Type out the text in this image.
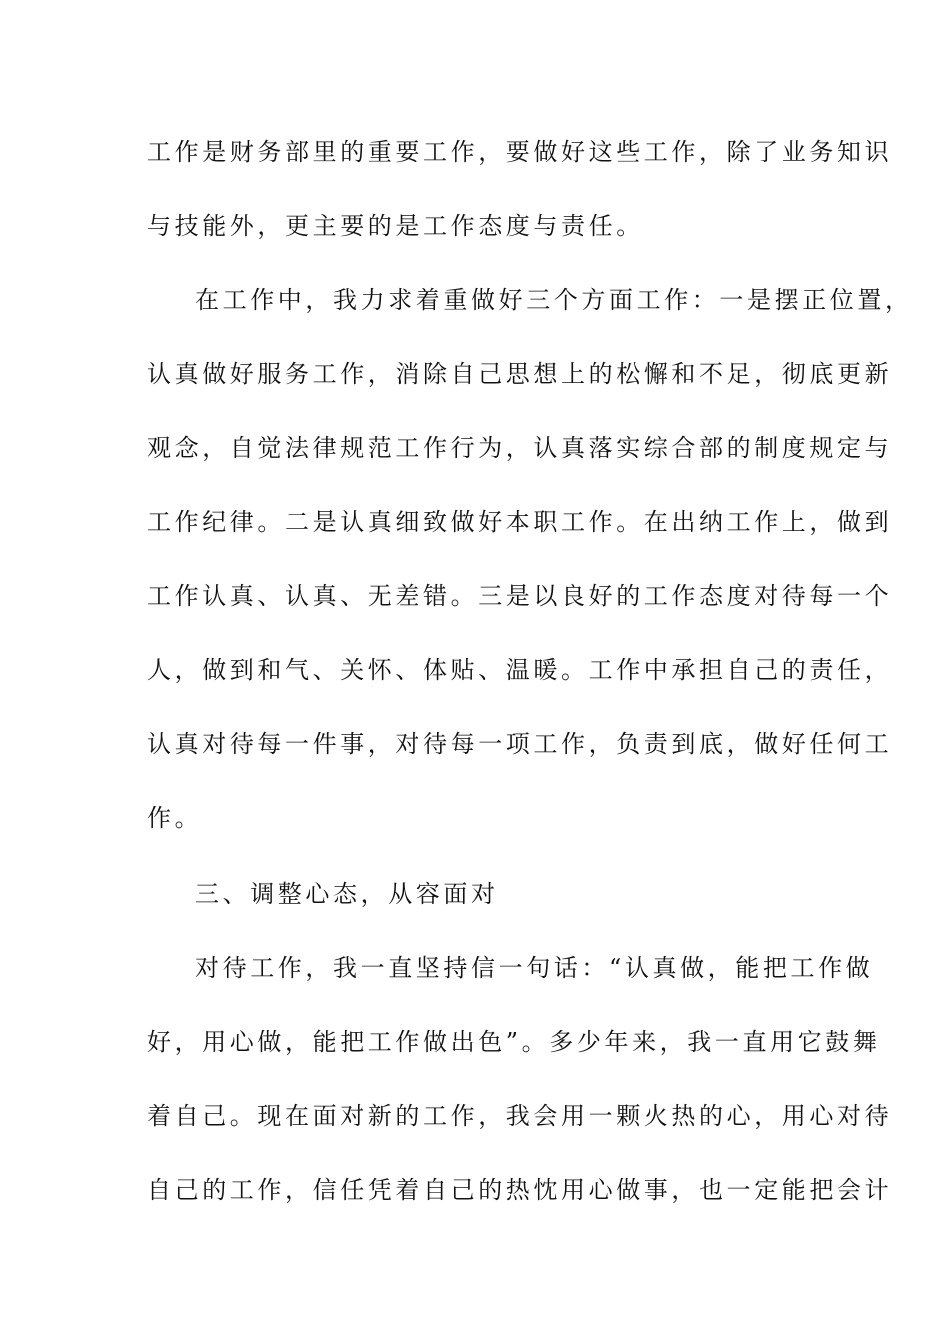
工作是财务部里的重要工作，要做好这些工作，除了业务知识
与技能外，更主要的是工作态度与责任。
在工作中，我力求着重做好三个方面工作：一是摆正位置，
认真做好服务工作，消除自己思想上的松懈和不足，彻底更新
观念，自觉法律规范工作行为，认真落实综合部的制度规定与
工作纪律。二是认真细致做好本职工作。在出纳工作上，做到
工作认真、认真、无差错。三是以良好的工作态度对待每一个
人，做到和气、关怀、体贴、温暖。工作中承担自己的责任，
认真对待每一件事，对待每一项工作，负责到底，做好任何工
作。
三、调整心态，从容面对
对待工作，我一直坚持信一句话：“认真做，能把工作做
好，用心做，能把工作做出色”。多少年来，我一直用它鼓舞
着自己。现在面对新的工作，我会用一颗火热的心，用心对待
自己的工作，信任凭着自己的热忱用心做事，也一定能把会计
